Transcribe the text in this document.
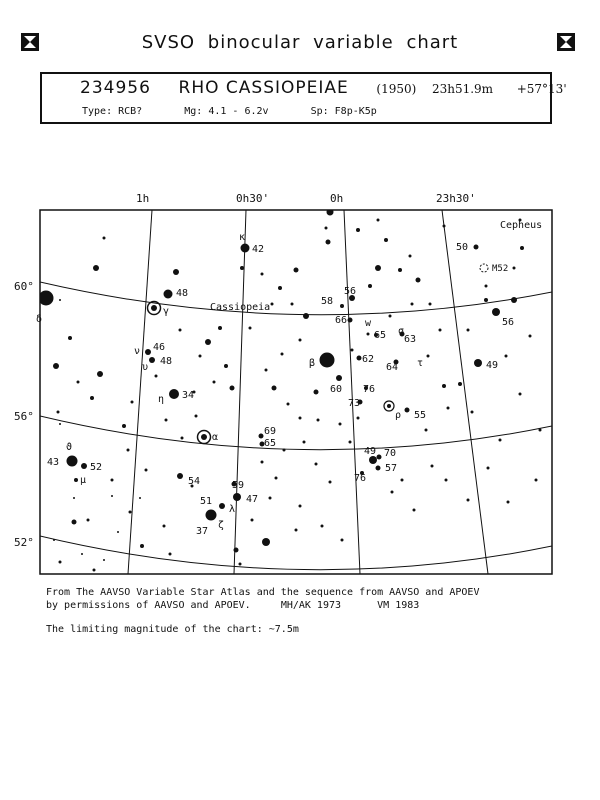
SVSO binocular variable chart
234956 RHO CASSIOPEIAE (1950) 23h51.9m +57°13'
Type: RCB?	Mg: 4.1 - 6.2v	Sp: F8p-K5p
1h	0h30'	0h	23h30'
60°
56°
52°
Cassiopeia
Cepheus
M52
42
48
46
48
34
69
65
43	52
54	59
51	47
37
50
56
58
66
65 63
62
64	49
60 76
73
55
49 70
57
76
56
κ
γ
δ
ν
υ
η
α
β	τ
ρ
ζ
λ
ϑ
μ
w
σ
From The AAVSO Variable Star Atlas and the sequence from AAVSO and APOEV
by permissions of AAVSO and APOEV.	MH/AK 1973	VM 1983
The limiting magnitude of the chart: ~7.5m
